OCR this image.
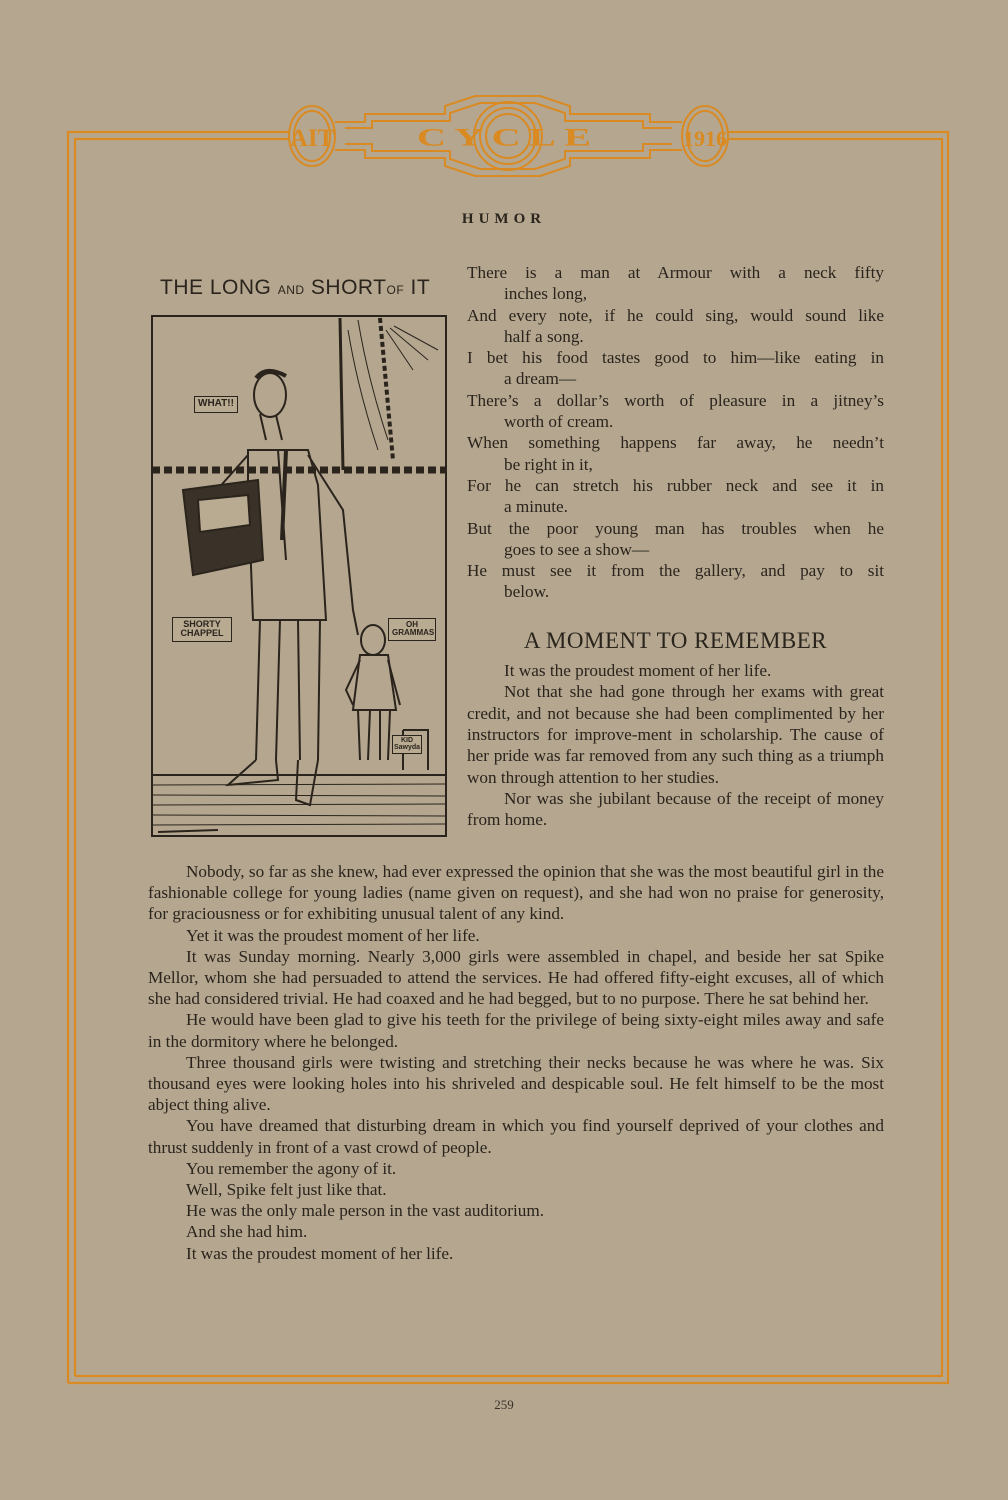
AIT	CYCLE	1916
HUMOR
THE LONG AND SHORTOF IT
WHAT!!
SHORTY
CHAPPEL
OH
GRAMMAS
KID
Sawyda

There is a man at Armour with a neck fifty
inches long,

And every note, if he could sing, would sound like
half a song.

I bet his food tastes good to him—like eating in
a dream—

There’s a dollar’s worth of pleasure in a jitney’s
worth of cream.

When something happens far away, he needn’t
be right in it,

For he can stretch his rubber neck and see it in
a minute.

But the poor young man has troubles when he
goes to see a show—

He must see it from the gallery, and pay to sit
below.

A MOMENT TO REMEMBER

It was the proudest moment of her life.

Not that she had gone through her exams with great credit, and not because she had been complimented by her instructors for improve-ment in scholarship. The cause of her pride was far removed from any such thing as a triumph won through attention to her studies.

Nor was she jubilant because of the receipt of money from home.

Nobody, so far as she knew, had ever expressed the opinion that she was the most beautiful girl in the fashionable college for young ladies (name given on request), and she had won no praise for generosity, for graciousness or for exhibiting unusual talent of any kind.

Yet it was the proudest moment of her life.

It was Sunday morning. Nearly 3,000 girls were assembled in chapel, and beside her sat Spike Mellor, whom she had persuaded to attend the services. He had offered fifty-eight excuses, all of which she had considered trivial. He had coaxed and he had begged, but to no purpose. There he sat behind her.

He would have been glad to give his teeth for the privilege of being sixty-eight miles away and safe in the dormitory where he belonged.

Three thousand girls were twisting and stretching their necks because he was where he was. Six thousand eyes were looking holes into his shriveled and despicable soul. He felt himself to be the most abject thing alive.

You have dreamed that disturbing dream in which you find yourself deprived of your clothes and thrust suddenly in front of a vast crowd of people.

You remember the agony of it.

Well, Spike felt just like that.

He was the only male person in the vast auditorium.

And she had him.

It was the proudest moment of her life.

259
